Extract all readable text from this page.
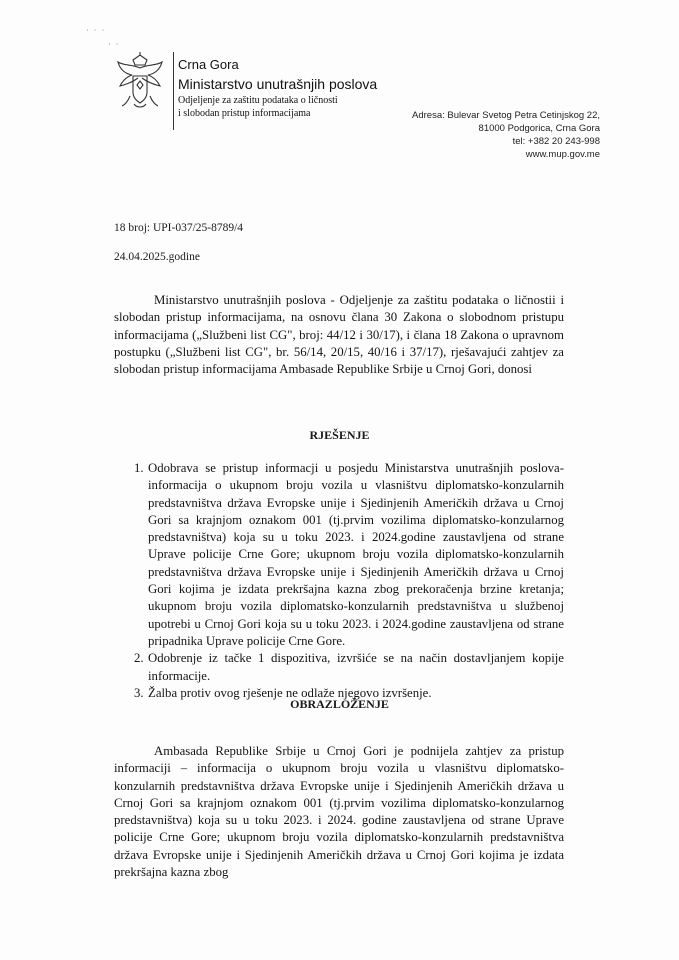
· · ·
· ·
Crna Gora
Ministarstvo unutrašnjih poslova
Odjeljenje za zaštitu podataka o ličnosti
i slobodan pristup informacijama	Adresa: Bulevar Svetog Petra Cetinjskog 22,
81000 Podgorica, Crna Gora
tel: +382 20 243-998
www.mup.gov.me
18 broj: UPI-037/25-8789/4
24.04.2025.godine
Ministarstvo unutrašnjih poslova - Odjeljenje za zaštitu podataka o ličnostii i slobodan pristup informacijama, na osnovu člana 30 Zakona o slobodnom pristupu informacijama („Službeni list CG", broj: 44/12 i 30/17), i člana 18 Zakona o upravnom postupku („Službeni list CG", br. 56/14, 20/15, 40/16 i 37/17), rješavajući zahtjev za slobodan pristup informacijama Ambasade Republike Srbije u Crnoj Gori, donosi
RJEŠENJE
1. Odobrava se pristup informacji u posjedu Ministarstva unutrašnjih poslova-informacija o ukupnom broju vozila u vlasništvu diplomatsko-konzularnih predstavništva država Evropske unije i Sjedinjenih Američkih država u Crnoj Gori sa krajnjom oznakom 001 (tj.prvim vozilima diplomatsko-konzularnog predstavništva) koja su u toku 2023. i 2024.godine zaustavljena od strane Uprave policije Crne Gore; ukupnom broju vozila diplomatsko-konzularnih predstavništva država Evropske unije i Sjedinjenih Američkih država u Crnoj Gori kojima je izdata prekršajna kazna zbog prekoračenja brzine kretanja; ukupnom broju vozila diplomatsko-konzularnih predstavništva u službenoj upotrebi u Crnoj Gori koja su u toku 2023. i 2024.godine zaustavljena od strane pripadnika Uprave policije Crne Gore.
2. Odobrenje iz tačke 1 dispozitiva, izvršiće se na način dostavljanjem kopije informacije.
3. Žalba protiv ovog rješenje ne odlaže njegovo izvršenje.
OBRAZLOŽENJE
Ambasada Republike Srbije u Crnoj Gori je podnijela zahtjev za pristup informaciji – informacija o ukupnom broju vozila u vlasništvu diplomatsko-konzularnih predstavništva država Evropske unije i Sjedinjenih Američkih država u Crnoj Gori sa krajnjom oznakom 001 (tj.prvim vozilima diplomatsko-konzularnog predstavništva) koja su u toku 2023. i 2024. godine zaustavljena od strane Uprave policije Crne Gore; ukupnom broju vozila diplomatsko-konzularnih predstavništva država Evropske unije i Sjedinjenih Američkih država u Crnoj Gori kojima je izdata prekršajna kazna zbog
